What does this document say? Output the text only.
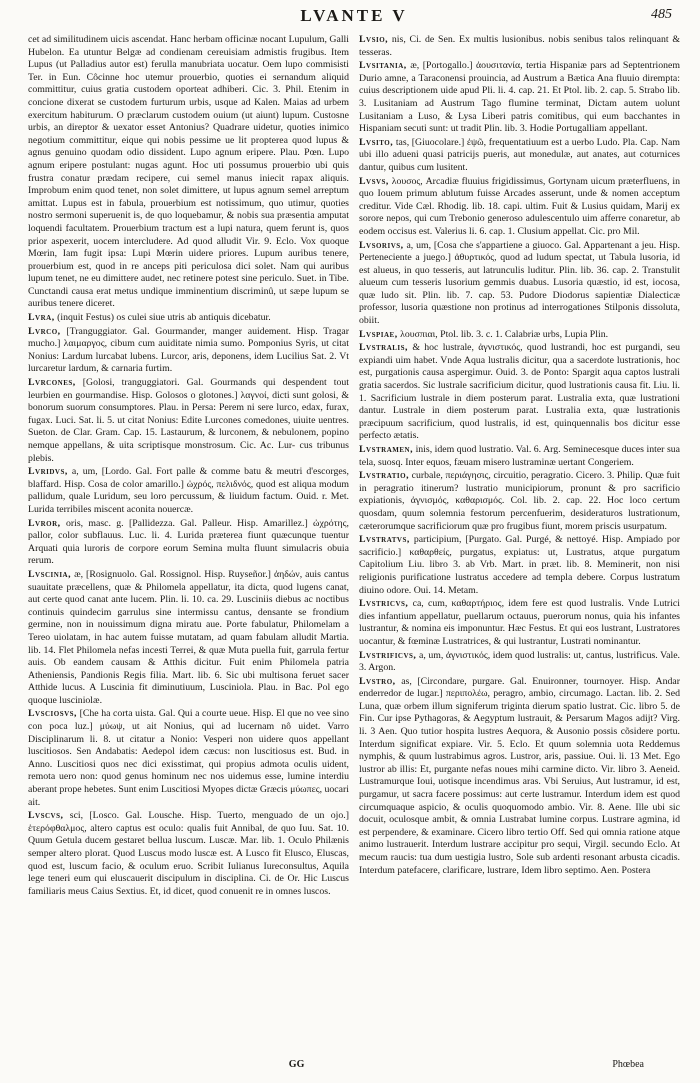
LVANTE V	485

cet ad similitudinem uicis ascendat. Hanc herbam officinæ nocant Lupulum, Galli Hubelon. Ea utuntur Belgæ ad condienam cereuisiam admistis frugibus. Item Lupus (ut Palladius autor est) ferulla manubriata uocatur. Oem lupo commisisti Ter. in Eun. Côcinne hoc utemur prouerbio, quoties ei sernandum aliquid committitur, cuius gratia custodem oporteat adhiberi. Cic. 3. Phil. Etenim in concione dixerat se custodem furturum urbis, usque ad Kalen. Maias ad urbem exercitum habiturum. O præclarum custodem ouium (ut aiunt) lupum. Custosne urbis, an direptor & uexator esset Antonius? Quadrare uidetur, quoties inimico negotium committitur, eique qui nobis pessime ue lit propterea quod lupus & agnus genuino quodam odio dissident. Lupo agnum eripere. Plau. Pœn. Lupo agnum eripere postulant: nugas agunt. Hoc uti possumus prouerbio ubi quis frustra conatur prædam recipere, cui semel manus iniecit rapax aliquis. Improbum enim quod tenet, non solet dimittere, ut lupus agnum semel arreptum amittat. Lupus est in fabula, prouerbium est notissimum, quo utimur, quoties nostro sermoni superuenit is, de quo loquebamur, & nobis sua præsentia amputat loquendi facultatem. Prouerbium tractum est a lupi natura, quem ferunt is, quos prior aspexerit, uocem intercludere. Ad quod alludit Vir. 9. Eclo. Vox quoque Mœrin, Iam fugit ipsa: Lupi Mœrin uidere priores. Lupum auribus tenere, prouerbium est, quod in re anceps piti periculosa dici solet. Nam qui auribus lupum tenet, ne eu dimittere audet, nec retinere potest sine periculo. Suet. in Tibe. Cunctandi causa erat metus undique imminentium discriminû, ut sæpe lupum se auribus tenere diceret.

Lvra, (inquit Festus) os culei siue utris ab antiquis dicebatur.

Lvrco, [Tranguggiator. Gal. Gourmander, manger auidement. Hisp. Tragar mucho.] λαιμαργος, cibum cum auiditate nimia sumo. Pomponius Syris, ut citat Nonius: Lardum lurcabat lubens. Lurcor, aris, deponens, idem Lucilius Sat. 2. Vt lurcaretur lardum, & carnaria furtim.

Lvrcones, [Golosi, tranguggiatori. Gal. Gourmands qui despendent tout leurbien en gourmandise. Hisp. Golosos o glotones.] λαγνοί, dicti sunt golosi, & bonorum suorum consumptores. Plau. in Persa: Perem ni sere lurco, edax, furax, fugax. Luci. Sat. li. 5. ut citat Nonius: Edite Lurcones comedones, uiuite uentres. Sueton. de Clar. Gram. Cap. 15. Lastaurum, & lurconem, & nebulonem, popino nemque appellans, & uita scriptisque monstrosum. Cic. Ac. Lur- cus tribunus plebis.

Lvridvs, a, um, [Lordo. Gal. Fort palle & comme batu & meutri d'escorges, blaffard. Hisp. Cosa de color amarillo.] ὠχρός, πελιδνός, quod est aliqua modum pallidum, quale Luridum, seu loro percussum, & liuidum factum. Ouid. r. Met. Lurida terribiles miscent aconita nouercæ.

Lvror, oris, masc. g. [Pallidezza. Gal. Palleur. Hisp. Amarillez.] ὠχρότης, pallor, color subflauus. Luc. li. 4. Lurida præterea fiunt quæcunque tuentur Arquati quia luroris de corpore eorum Semina multa fluunt simulacris obuia rerum.

Lvscinia, æ, [Rosignuolo. Gal. Rossignol. Hisp. Ruyseñor.] ἀηδών, auis cantus suauitate præcellens, quæ & Philomela appellatur, ita dicta, quod lugens canat, aut certe quod canat ante lucem. Plin. li. 10. ca. 29. Lusciniis diebus ac noctibus continuis quindecim garrulus sine intermissu cantus, densante se frondium germine, non in nouissimum digna miratu aue. Porte fabulatur, Philomelam a Tereo uiolatam, in hac autem fuisse mutatam, ad quam fabulam alludit Martia. lib. 14. Flet Philomela nefas incesti Terrei, & quæ Muta puella fuit, garrula fertur auis. Ob eandem causam & Atthis dicitur. Fuit enim Philomela patria Atheniensis, Pandionis Regis filia. Mart. lib. 6. Sic ubi multisona feruet sacer Atthide lucus. A Luscinia fit diminutiuum, Lusciniola. Plau. in Bac. Pol ego quoque lusciniolæ.

Lvsciosvs, [Che ha corta uista. Gal. Qui a courte ueue. Hisp. El que no vee sino con poca luz.] μύωψ, ut ait Nonius, qui ad lucernam nô uidet. Varro Disciplinarum li. 8. ut citatur a Nonio: Vesperi non uidere quos appellant luscitiosos. Sen Andabatis: Aedepol idem cæcus: non luscitiosus est. Bud. in Anno. Luscitiosi quos nec dici exisstimat, qui propius admota oculis uident, remota uero non: quod genus hominum nec nos uidemus esse, lumine interdiu aberant prope hebetes. Sunt enim Luscitiosi Myopes dictæ Græcis μύωπες, uocari ait.

Lvscvs, sci, [Losco. Gal. Lousche. Hisp. Tuerto, menguado de un ojo.] ἑτερόφθαλμος, altero captus est oculo: qualis fuit Annibal, de quo Iuu. Sat. 10. Quum Getula ducem gestaret bellua luscum. Luscæ. Mar. lib. 1. Oculo Philænis semper altero plorat. Quod Luscus modo luscæ est. A Lusco fit Elusco, Eluscas, quod est, luscum facio, & oculum eruo. Scribit Iulianus Iureconsultus, Aquila lege teneri eum qui eluscauerit discipulum in disciplina. Ci. de Or. Hic Luscus familiaris meus Caius Sextius. Et, id dicet, quod conuenit re in omnes luscos.

Lvsio, nis, Ci. de Sen. Ex multis lusionibus. nobis senibus talos relinquant & tesseras.

Lvsitania, æ, [Portogallo.] ἀουσιτανία, tertia Hispaniæ pars ad Septentrionem Durio amne, a Taraconensi prouincia, ad Austrum a Bætica Ana fluuio dirempta: cuius descriptionem uide apud Pli. li. 4. cap. 21. Et Ptol. lib. 2. cap. 5. Strabo lib. 3. Lusitaniam ad Austrum Tago flumine terminat, Dictam autem uolunt Lusitaniam a Luso, & Lysa Liberi patris comitibus, qui eum bacchantes in Hispaniam secuti sunt: ut tradit Plin. lib. 3. Hodie Portugalliam appellant.

Lvsito, tas, [Giuocolare.] ἐψῶ, frequentatiuum est a uerbo Ludo. Pla. Cap. Nam ubi illo adueni quasi patricijs pueris, aut monedulæ, aut anates, aut coturnices dantur, quibus cum lusitent.

Lvsvs, λουσος, Arcadiæ fluuius frigidissimus, Gortynam uicum præterfluens, in quo Iouem primum ablutum fuisse Arcades asserunt, unde & nomen acceptum creditur. Vide Cæl. Rhodig. lib. 18. capi. ultim. Fuit & Lusius quidam, Marij ex sorore nepos, qui cum Trebonio generoso adulescentulo uim afferre conaretur, ab eodem occisus est. Valerius li. 6. cap. 1. Clusium appellat. Cic. pro Mil.

Lvsorivs, a, um, [Cosa che s'appartiene a giuoco. Gal. Appartenant a jeu. Hisp. Perteneciente a juego.] ἀθυρτικός, quod ad ludum spectat, ut Tabula lusoria, id est alueus, in quo tesseris, aut latrunculis luditur. Plin. lib. 36. cap. 2. Transtulit alueum cum tesseris lusorium gemmis duabus. Lusoria quæstio, id est, iocosa, quæ ludo sit. Plin. lib. 7. cap. 53. Pudore Diodorus sapientiæ Dialecticæ professor, lusoria quæstione non protinus ad interrogationes Stilponis dissoluta, obiit.

Lvspiae, λουσπιαι, Ptol. lib. 3. c. 1. Calabriæ urbs, Lupia Plin.

Lvstralis, & hoc lustrale, ἀγνιστικός, quod lustrandi, hoc est purgandi, seu expiandi uim habet. Vnde Aqua lustralis dicitur, qua a sacerdote lustrationis, hoc est, purgationis causa aspergimur. Ouid. 3. de Ponto: Spargit aqua captos lustrali gratia sacerdos. Sic lustrale sacrificium dicitur, quod lustrationis causa fit. Liu. li. 1. Sacrificium lustrale in diem posterum parat. Lustralia exta, quæ lustrationi dantur. Lustrale in diem posterum parat. Lustralia exta, quæ lustrationis præcipuum sacrificium, quod lustralis, id est, quinquennalis bos dicitur esse perfecto ætatis.

Lvstramen, inis, idem quod lustratio. Val. 6. Arg. Seminecesque duces inter sua tela, suosq. Inter equos, fæuam misero lustraminæ uertant Congeriem.

Lvstratio, curbale, περιάγησις, circuitio, peragratio. Cicero. 3. Philip. Quæ fuit in peragratio itinerum? lustratio municipiorum, pronunt & pro sacrificio expiationis, ἀγνισμός, καθαρισμός. Col. lib. 2. cap. 22. Hoc loco certum quosdam, quum solemnia festorum percenfuerim, desideraturos lustrationum, cæterorumque sacrificiorum quæ pro frugibus fiunt, morem priscis usurpatum.

Lvstratvs, participium, [Purgato. Gal. Purgé, & nettoyé. Hisp. Ampiado por sacrificio.] καθαρθείς, purgatus, expiatus: ut, Lustratus, atque purgatum Capitolium Liu. libro 3. ab Vrb. Mart. in præt. lib. 8. Meminerit, non nisi religionis purificatione lustratus accedere ad templa debere. Corpus lustratum diuino odore. Oui. 14. Metam.

Lvstricvs, ca, cum, καθαρτήριος, idem fere est quod lustralis. Vnde Lutrici dies infantium appellatur, puellarum octauus, puerorum nonus, quia his infantes lustrantur, & nomina eis imponuntur. Hæc Festus. Et qui eos lustrant, Lustratores uocantur, & fœminæ Lustratrices, & qui lustrantur, Lustrati nominantur.

Lvstrificvs, a, um, ἀγνιστικός, idem quod lustralis: ut, cantus, lustrificus. Vale. 3. Argon.

Lvstro, as, [Circondare, purgare. Gal. Enuironner, tournoyer. Hisp. Andar enderredor de lugar.] περιπολέω, peragro, ambio, circumago. Lactan. lib. 2. Sed Luna, quæ orbem illum signiferum triginta dierum spatio lustrat. Cic. libro 5. de Fin. Cur ipse Pythagoras, & Aegyptum lustrauit, & Persarum Magos adijt? Virg. li. 3 Aen. Quo tutior hospita lustres Aequora, & Ausonio possis cõsidere portu. Interdum significat expiare. Vir. 5. Eclo. Et quum solemnia uota Reddemus nymphis, & quum lustrabimus agros. Lustror, aris, passiue. Oui. li. 13 Met. Ego lustror ab illis: Et, purgante nefas noues mihi carmine dicto. Vir. libro 3. Aeneid. Lustramurque Ioui, uotisque incendimus aras. Vbi Seruius, Aut lustramur, id est, purgamur, ut sacra facere possimus: aut certe lustramur. Interdum idem est quod circumquaque aspicio, & oculis quoquomodo ambio. Vir. 8. Aene. Ille ubi sic docuit, oculosque ambit, & omnia Lustrabat lumine corpus. Lustrare agmina, id est perpendere, & examinare. Cicero libro tertio Off. Sed qui omnia ratione atque animo lustrauerit. Interdum lustrare accipitur pro sequi, Virgil. secundo Eclo. At mecum raucis: tua dum uestigia lustro, Sole sub ardenti resonant arbusta cicadis. Interdum patefacere, clarificare, lustrare, Idem libro septimo. Aen. Postera

GG	Phœbea
